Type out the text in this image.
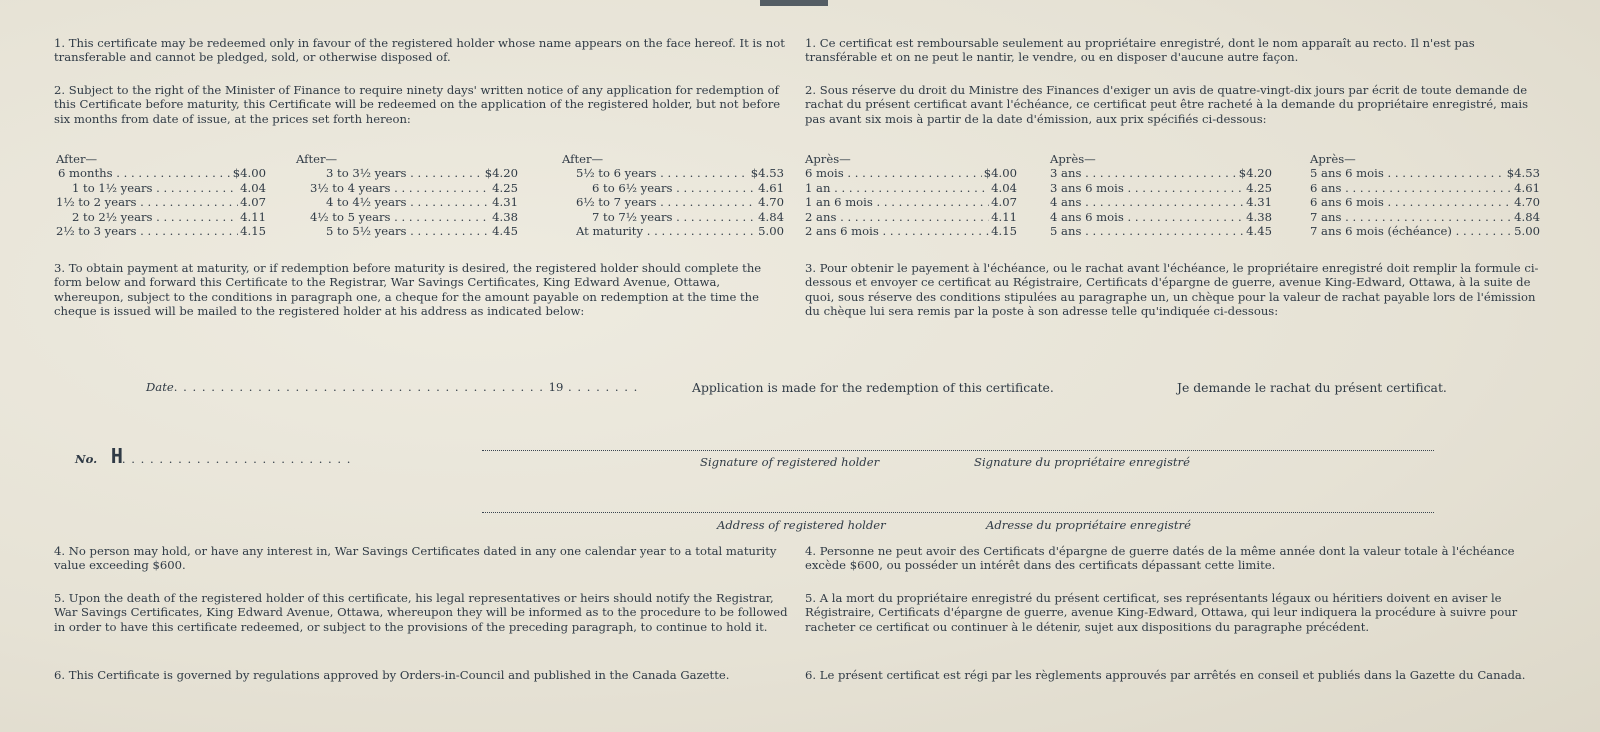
1. This certificate may be redeemed only in favour of the registered holder whose name appears on the face hereof. It is not transferable and cannot be pledged, sold, or otherwise disposed of.

2. Subject to the right of the Minister of Finance to require ninety days' written notice of any application for redemption of this Certificate before maturity, this Certificate will be redeemed on the application of the registered holder, but not before six months from date of issue, at the prices set forth hereon:

After—
6 months . . .	$4.00
1 to 1½ years . . .	4.04
1½ to 2 years . . .	4.07
2 to 2½ years . . .	4.11
2½ to 3 years . . .	4.15
After—
3 to 3½ years . . .	$4.20
3½ to 4 years . . .	4.25
4 to 4½ years . . .	4.31
4½ to 5 years . . .	4.38
5 to 5½ years . . .	4.45
After—
5½ to 6 years . . .	$4.53
6 to 6½ years . . .	4.61
6½ to 7 years . . .	4.70
7 to 7½ years . . .	4.84
At maturity . . .	5.00

3. To obtain payment at maturity, or if redemption before maturity is desired, the registered holder should complete the form below and forward this Certificate to the Registrar, War Savings Certificates, King Edward Avenue, Ottawa, whereupon, subject to the conditions in paragraph one, a cheque for the amount payable on redemption at the time the cheque is issued will be mailed to the registered holder at his address as indicated below:

4. No person may hold, or have any interest in, War Savings Certificates dated in any one calendar year to a total maturity value exceeding $600.

5. Upon the death of the registered holder of this certificate, his legal representatives or heirs should notify the Registrar, War Savings Certificates, King Edward Avenue, Ottawa, whereupon they will be informed as to the procedure to be followed in order to have this certificate redeemed, or subject to the provisions of the preceding paragraph, to continue to hold it.

6. This Certificate is governed by regulations approved by Orders-in-Council and published in the Canada Gazette.

1. Ce certificat est remboursable seulement au propriétaire enregistré, dont le nom apparaît au recto. Il n'est pas transférable et on ne peut le nantir, le vendre, ou en disposer d'aucune autre façon.

2. Sous réserve du droit du Ministre des Finances d'exiger un avis de quatre-vingt-dix jours par écrit de toute demande de rachat du présent certificat avant l'échéance, ce certificat peut être racheté à la demande du propriétaire enregistré, mais pas avant six mois à partir de la date d'émission, aux prix spécifiés ci-dessous:

Après—
6 mois . . .	$4.00
1 an . . .	4.04
1 an 6 mois . . .	4.07
2 ans . . .	4.11
2 ans 6 mois . . .	4.15
Après—
3 ans . . .	$4.20
3 ans 6 mois . . .	4.25
4 ans . . .	4.31
4 ans 6 mois . . .	4.38
5 ans . . .	4.45
Après—
5 ans 6 mois . . .	$4.53
6 ans . . .	4.61
6 ans 6 mois . . .	4.70
7 ans . . .	4.84
7 ans 6 mois (échéance) . . .	5.00

3. Pour obtenir le payement à l'échéance, ou le rachat avant l'échéance, le propriétaire enregistré doit remplir la formule ci-dessous et envoyer ce certificat au Régistraire, Certificats d'épargne de guerre, avenue King-Edward, Ottawa, à la suite de quoi, sous réserve des conditions stipulées au paragraphe un, un chèque pour la valeur de rachat payable lors de l'émission du chèque lui sera remis par la poste à son adresse telle qu'indiquée ci-dessous:

4. Personne ne peut avoir des Certificats d'épargne de guerre datés de la même année dont la valeur totale à l'échéance excède $600, ou posséder un intérêt dans des certificats dépassant cette limite.

5. A la mort du propriétaire enregistré du présent certificat, ses représentants légaux ou héritiers doivent en aviser le Régistraire, Certificats d'épargne de guerre, avenue King-Edward, Ottawa, qui leur indiquera la procédure à suivre pour racheter ce certificat ou continuer à le détenir, sujet aux dispositions du paragraphe précédent.

6. Le présent certificat est régi par les règlements approuvés par arrêtés en conseil et publiés dans la Gazette du Canada.

Date. . . . . . . . . . . . . . . . . . . . . . . . . . . . . . . . . . . . . . . . 19 . . . . . . . .	Application is made for the redemption of this certificate.	Je demande le rachat du présent certificat.
No. H. . . . . . . . . . . . . . . . . . . . . . . . .	Signature of registered holder	Signature du propriétaire enregistré
Address of registered holder	Adresse du propriétaire enregistré
